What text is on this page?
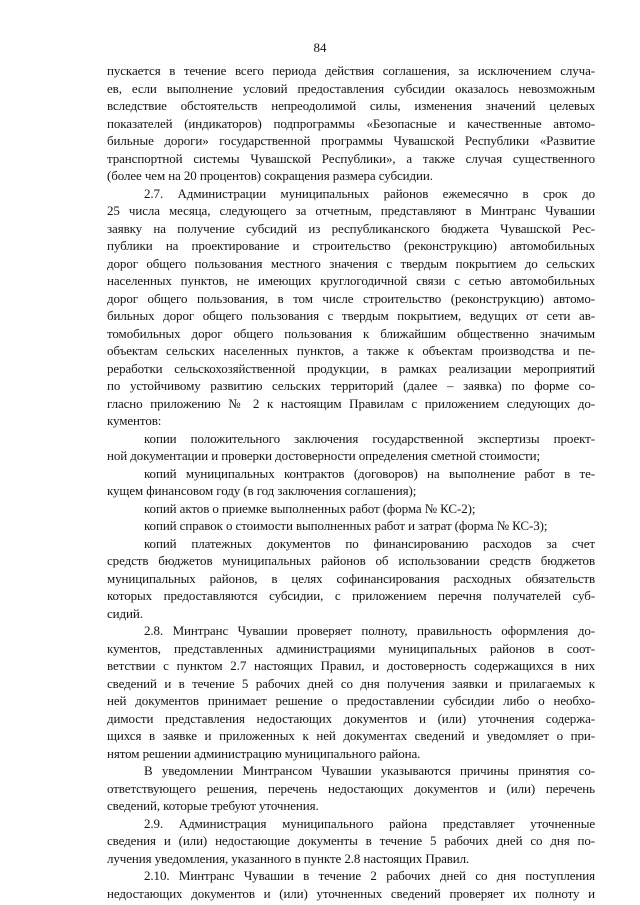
84
пускается в течение всего периода действия соглашения, за исключением случа-
ев, если выполнение условий предоставления субсидии оказалось невозможным
вследствие обстоятельств непреодолимой силы, изменения значений целевых
показателей (индикаторов) подпрограммы «Безопасные и качественные автомо-
бильные дороги» государственной программы Чувашской Республики «Развитие
транспортной системы Чувашской Республики», а также случая существенного
(более чем на 20 процентов) сокращения размера субсидии.
2.7. Администрации муниципальных районов ежемесячно в срок до
25 числа месяца, следующего за отчетным, представляют в Минтранс Чувашии
заявку на получение субсидий из республиканского бюджета Чувашской Рес-
публики на проектирование и строительство (реконструкцию) автомобильных
дорог общего пользования местного значения с твердым покрытием до сельских
населенных пунктов, не имеющих круглогодичной связи с сетью автомобильных
дорог общего пользования, в том числе строительство (реконструкцию) автомо-
бильных дорог общего пользования с твердым покрытием, ведущих от сети ав-
томобильных дорог общего пользования к ближайшим общественно значимым
объектам сельских населенных пунктов, а также к объектам производства и пе-
реработки сельскохозяйственной продукции, в рамках реализации мероприятий
по устойчивому развитию сельских территорий (далее – заявка) по форме со-
гласно приложению № 2 к настоящим Правилам с приложением следующих до-
кументов:
копии положительного заключения государственной экспертизы проект-
ной документации и проверки достоверности определения сметной стоимости;
копий муниципальных контрактов (договоров) на выполнение работ в те-
кущем финансовом году (в год заключения соглашения);
копий актов о приемке выполненных работ (форма № КС-2);
копий справок о стоимости выполненных работ и затрат (форма № КС-3);
копий платежных документов по финансированию расходов за счет
средств бюджетов муниципальных районов об использовании средств бюджетов
муниципальных районов, в целях софинансирования расходных обязательств
которых предоставляются субсидии, с приложением перечня получателей суб-
сидий.
2.8. Минтранс Чувашии проверяет полноту, правильность оформления до-
кументов, представленных администрациями муниципальных районов в соот-
ветствии с пунктом 2.7 настоящих Правил, и достоверность содержащихся в них
сведений и в течение 5 рабочих дней со дня получения заявки и прилагаемых к
ней документов принимает решение о предоставлении субсидии либо о необхо-
димости представления недостающих документов и (или) уточнения содержа-
щихся в заявке и приложенных к ней документах сведений и уведомляет о при-
нятом решении администрацию муниципального района.
В уведомлении Минтрансом Чувашии указываются причины принятия со-
ответствующего решения, перечень недостающих документов и (или) перечень
сведений, которые требуют уточнения.
2.9. Администрация муниципального района представляет уточненные
сведения и (или) недостающие документы в течение 5 рабочих дней со дня по-
лучения уведомления, указанного в пункте 2.8 настоящих Правил.
2.10. Минтранс Чувашии в течение 2 рабочих дней со дня поступления
недостающих документов и (или) уточненных сведений проверяет их полноту и
